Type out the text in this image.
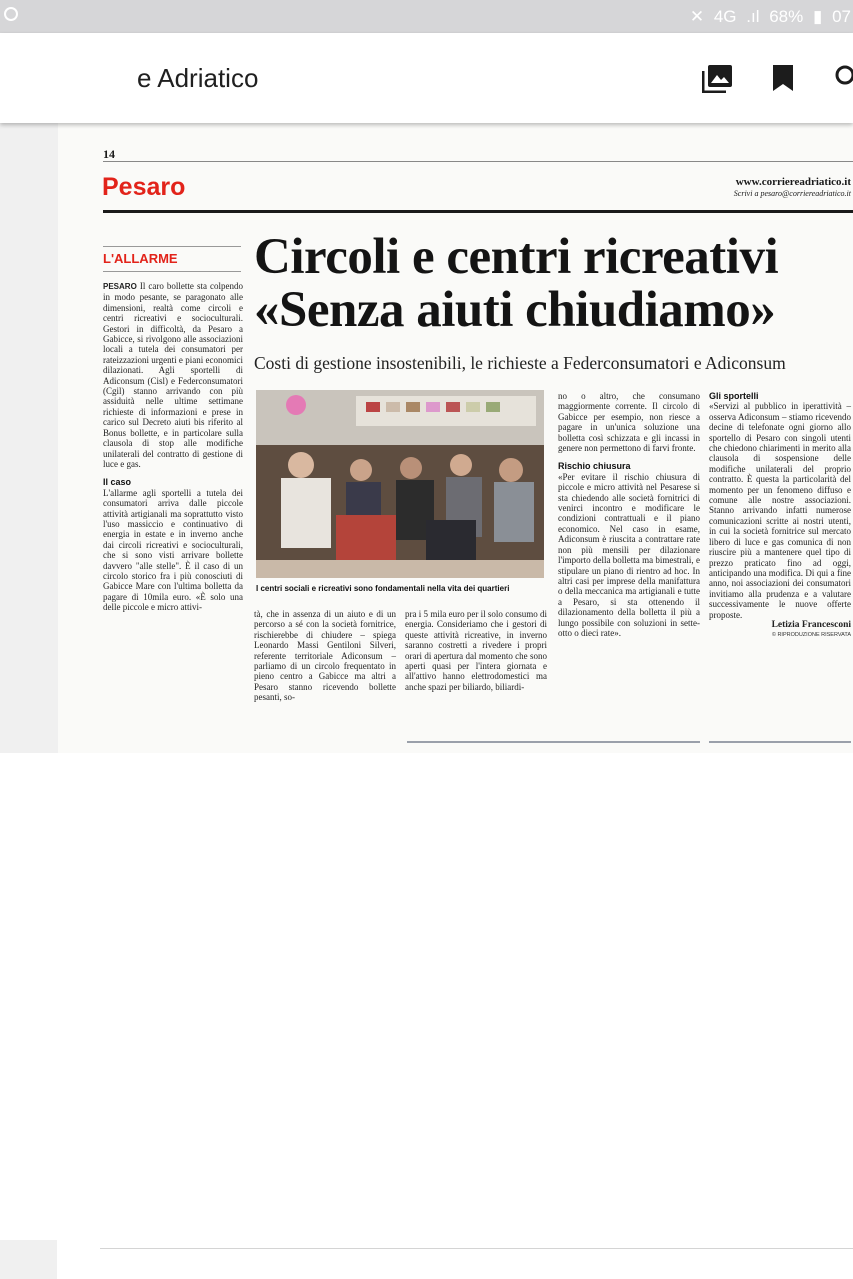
✕ 4G .ıl 68% ▮ 07
e Adriatico
14
Pesaro	www.corriereadriatico.it
Scrivi a pesaro@corriereadriatico.it
L'ALLARME Circoli e centri ricreativi
«Senza aiuti chiudiamo»
Costi di gestione insostenibili, le richieste a Federconsumatori e Adiconsum

PESARO Il caro bollette sta colpendo in modo pesante, se paragonato alle dimensioni, realtà come circoli e centri ricreativi e socioculturali. Gestori in difficoltà, da Pesaro a Gabicce, si rivolgono alle associazioni locali a tutela dei consumatori per rateizzazioni urgenti e piani economici dilazionati. Agli sportelli di Adiconsum (Cisl) e Federconsumatori (Cgil) stanno arrivando con più assiduità nelle ultime settimane richieste di informazioni e prese in carico sul Decreto aiuti bis riferito al Bonus bollette, e in particolare sulla clausola di stop alle modifiche unilaterali del contratto di gestione di luce e gas.

Il caso

L'allarme agli sportelli a tutela dei consumatori arriva dalle piccole attività artigianali ma soprattutto visto l'uso massiccio e continuativo di energia in estate e in inverno anche dai circoli ricreativi e socioculturali, che si sono visti arrivare bollette davvero "alle stelle". È il caso di un circolo storico fra i più conosciuti di Gabicce Mare con l'ultima bolletta da pagare di 10mila euro. «È solo una delle piccole e micro attivi-

I centri sociali e ricreativi sono fondamentali nella vita dei quartieri

tà, che in assenza di un aiuto e di un percorso a sé con la società fornitrice, rischierebbe di chiudere – spiega Leonardo Massi Gentiloni Silveri, referente territoriale Adiconsum – parliamo di un circolo frequentato in pieno centro a Gabicce ma altri a Pesaro stanno ricevendo bollette pesanti, so-

pra i 5 mila euro per il solo consumo di energia. Consideriamo che i gestori di queste attività ricreative, in inverno saranno costretti a rivedere i propri orari di apertura dal momento che sono aperti quasi per l'intera giornata e all'attivo hanno elettrodomestici ma anche spazi per biliardo, biliardi-

no o altro, che consumano maggiormente corrente. Il circolo di Gabicce per esempio, non riesce a pagare in un'unica soluzione una bolletta così schizzata e gli incassi in genere non permettono di farvi fronte.

Rischio chiusura

«Per evitare il rischio chiusura di piccole e micro attività nel Pesarese si sta chiedendo alle società fornitrici di venirci incontro e modificare le condizioni contrattuali e il piano economico. Nel caso in esame, Adiconsum è riuscita a contrattare rate non più mensili per dilazionare l'importo della bolletta ma bimestrali, e stipulare un piano di rientro ad hoc. In altri casi per imprese della manifattura o della meccanica ma artigianali e tutte a Pesaro, si sta ottenendo il dilazionamento della bolletta il più a lungo possibile con soluzioni in sette-otto o dieci rate».

Gli sportelli

«Servizi al pubblico in iperattività – osserva Adiconsum – stiamo ricevendo decine di telefonate ogni giorno allo sportello di Pesaro con singoli utenti che chiedono chiarimenti in merito alla clausola di sospensione delle modifiche unilaterali del proprio contratto. È questa la particolarità del momento per un fenomeno diffuso e comune alle nostre associazioni. Stanno arrivando infatti numerose comunicazioni scritte ai nostri utenti, in cui la società fornitrice sul mercato libero di luce e gas comunica di non riuscire più a mantenere quel tipo di prezzo praticato fino ad oggi, anticipando una modifica. Di qui a fine anno, noi associazioni dei consumatori invitiamo alla prudenza e a valutare successivamente le nuove offerte proposte.

Letizia Francesconi

© RIPRODUZIONE RISERVATA
